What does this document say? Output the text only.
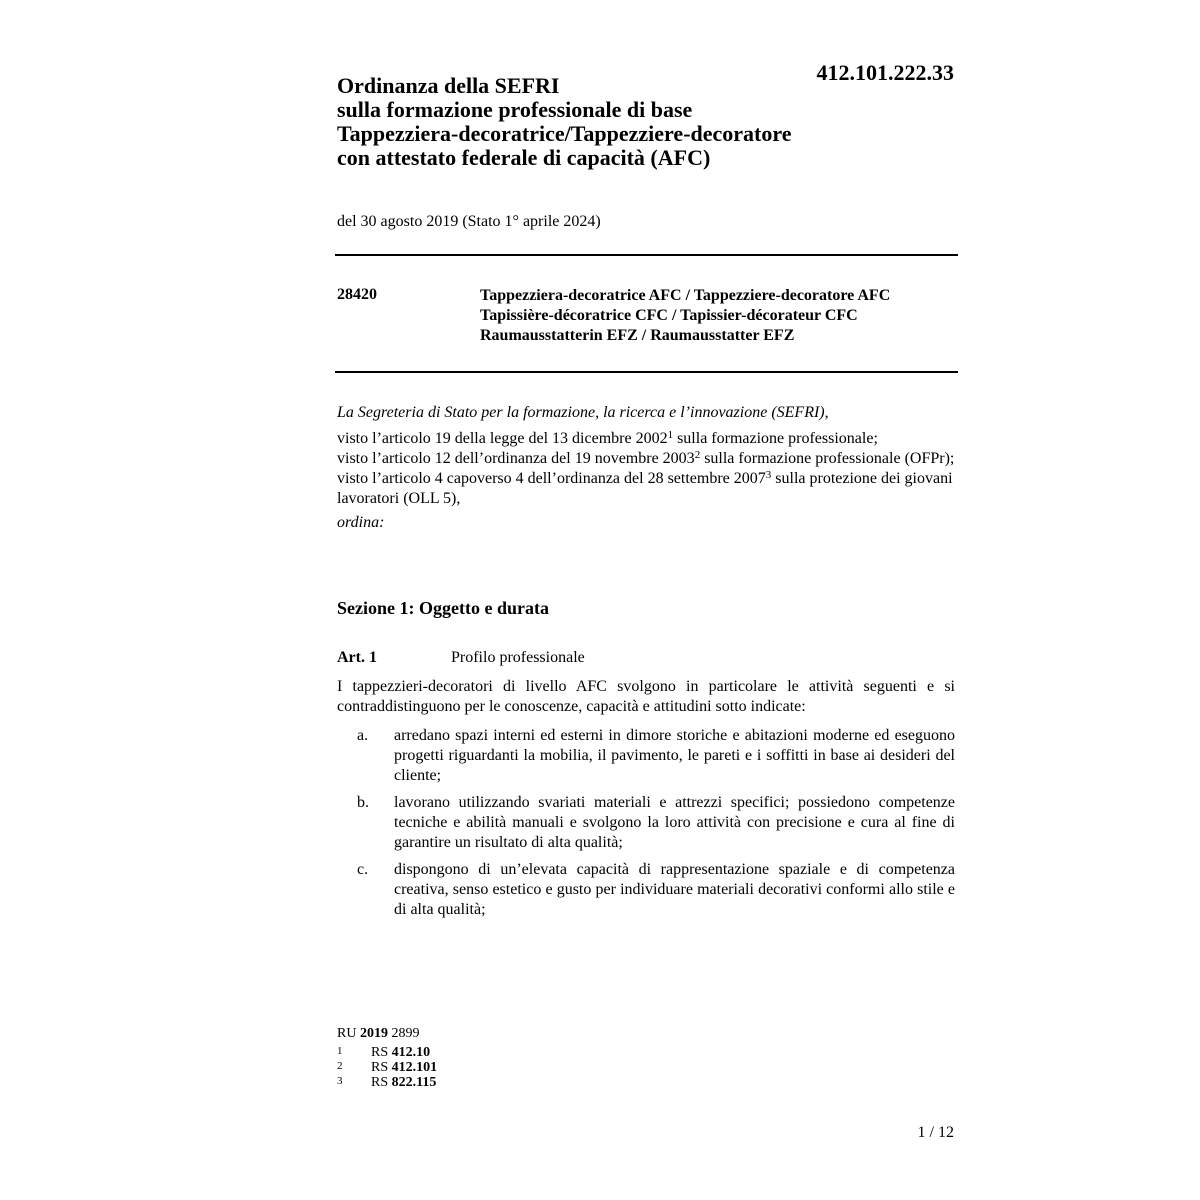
412.101.222.33
Ordinanza della SEFRI
sulla formazione professionale di base
Tappezziera-decoratrice/Tappezziere-decoratore
con attestato federale di capacità (AFC)
del 30 agosto 2019 (Stato 1° aprile 2024)
28420	Tappezziera-decoratrice AFC / Tappezziere-decoratore AFC
Tapissière-décoratrice CFC / Tapissier-décorateur CFC
Raumausstatterin EFZ / Raumausstatter EFZ
La Segreteria di Stato per la formazione, la ricerca e l’innovazione (SEFRI),
visto l’articolo 19 della legge del 13 dicembre 2002$^1$ sulla formazione professionale;
visto l’articolo 12 dell’ordinanza del 19 novembre 2003$^2$ sulla formazione professionale (OFPr);
visto l’articolo 4 capoverso 4 dell’ordinanza del 28 settembre 2007$^3$ sulla protezione dei giovani lavoratori (OLL 5),
ordina:
Sezione 1: Oggetto e durata
Art. 1	Profilo professionale
I tappezzieri-decoratori di livello AFC svolgono in particolare le attività seguenti e si contraddistinguono per le conoscenze, capacità e attitudini sotto indicate:
a.	arredano spazi interni ed esterni in dimore storiche e abitazioni moderne ed eseguono progetti riguardanti la mobilia, il pavimento, le pareti e i soffitti in base ai desideri del cliente;
b.	lavorano utilizzando svariati materiali e attrezzi specifici; possiedono competenze tecniche e abilità manuali e svolgono la loro attività con precisione e cura al fine di garantire un risultato di alta qualità;
c.	dispongono di un’elevata capacità di rappresentazione spaziale e di competenza creativa, senso estetico e gusto per individuare materiali decorativi conformi allo stile e di alta qualità;
RU 2019 2899
1	RS 412.10
2	RS 412.101
3	RS 822.115
1 / 12
